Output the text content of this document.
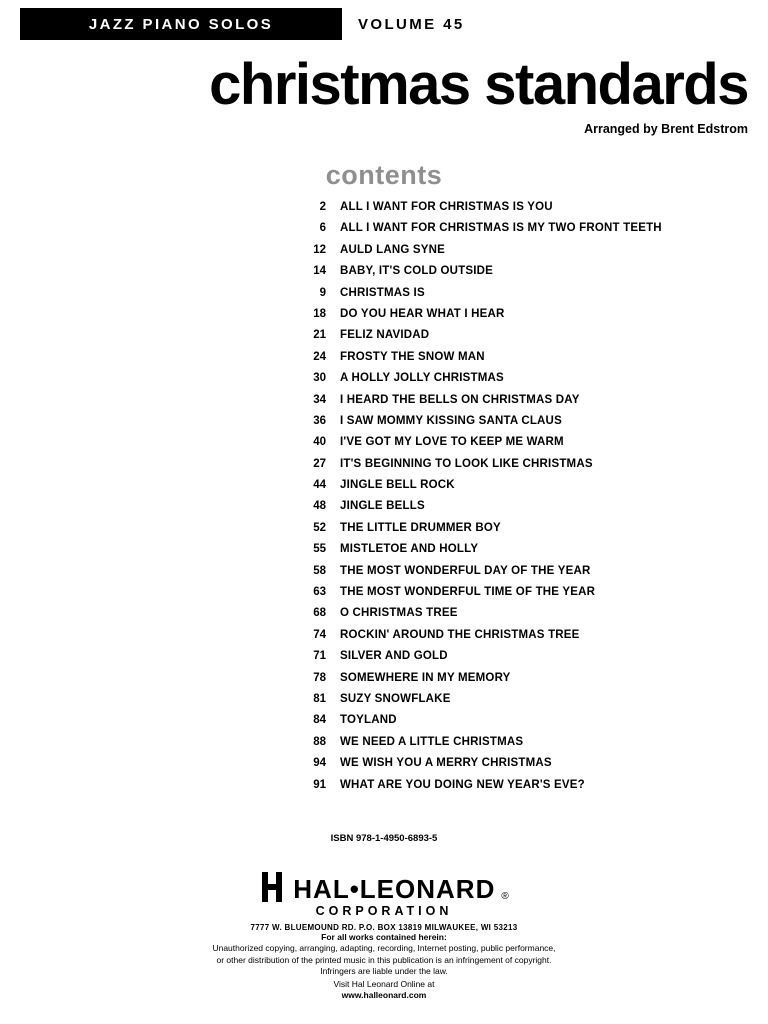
JAZZ PIANO SOLOS	VOLUME 45
christmas standards
Arranged by Brent Edstrom
contents
2	ALL I WANT FOR CHRISTMAS IS YOU
6	ALL I WANT FOR CHRISTMAS IS MY TWO FRONT TEETH
12	AULD LANG SYNE
14	BABY, IT'S COLD OUTSIDE
9	CHRISTMAS IS
18	DO YOU HEAR WHAT I HEAR
21	FELIZ NAVIDAD
24	FROSTY THE SNOW MAN
30	A HOLLY JOLLY CHRISTMAS
34	I HEARD THE BELLS ON CHRISTMAS DAY
36	I SAW MOMMY KISSING SANTA CLAUS
40	I'VE GOT MY LOVE TO KEEP ME WARM
27	IT'S BEGINNING TO LOOK LIKE CHRISTMAS
44	JINGLE BELL ROCK
48	JINGLE BELLS
52	THE LITTLE DRUMMER BOY
55	MISTLETOE AND HOLLY
58	THE MOST WONDERFUL DAY OF THE YEAR
63	THE MOST WONDERFUL TIME OF THE YEAR
68	O CHRISTMAS TREE
74	ROCKIN' AROUND THE CHRISTMAS TREE
71	SILVER AND GOLD
78	SOMEWHERE IN MY MEMORY
81	SUZY SNOWFLAKE
84	TOYLAND
88	WE NEED A LITTLE CHRISTMAS
94	WE WISH YOU A MERRY CHRISTMAS
91	WHAT ARE YOU DOING NEW YEAR'S EVE?
ISBN 978-1-4950-6893-5
HAL•LEONARD ®
CORPORATION
7777 W. BLUEMOUND RD. P.O. BOX 13819 MILWAUKEE, WI 53213
For all works contained herein:
Unauthorized copying, arranging, adapting, recording, Internet posting, public performance,
or other distribution of the printed music in this publication is an infringement of copyright.
Infringers are liable under the law.
Visit Hal Leonard Online at
www.halleonard.com
